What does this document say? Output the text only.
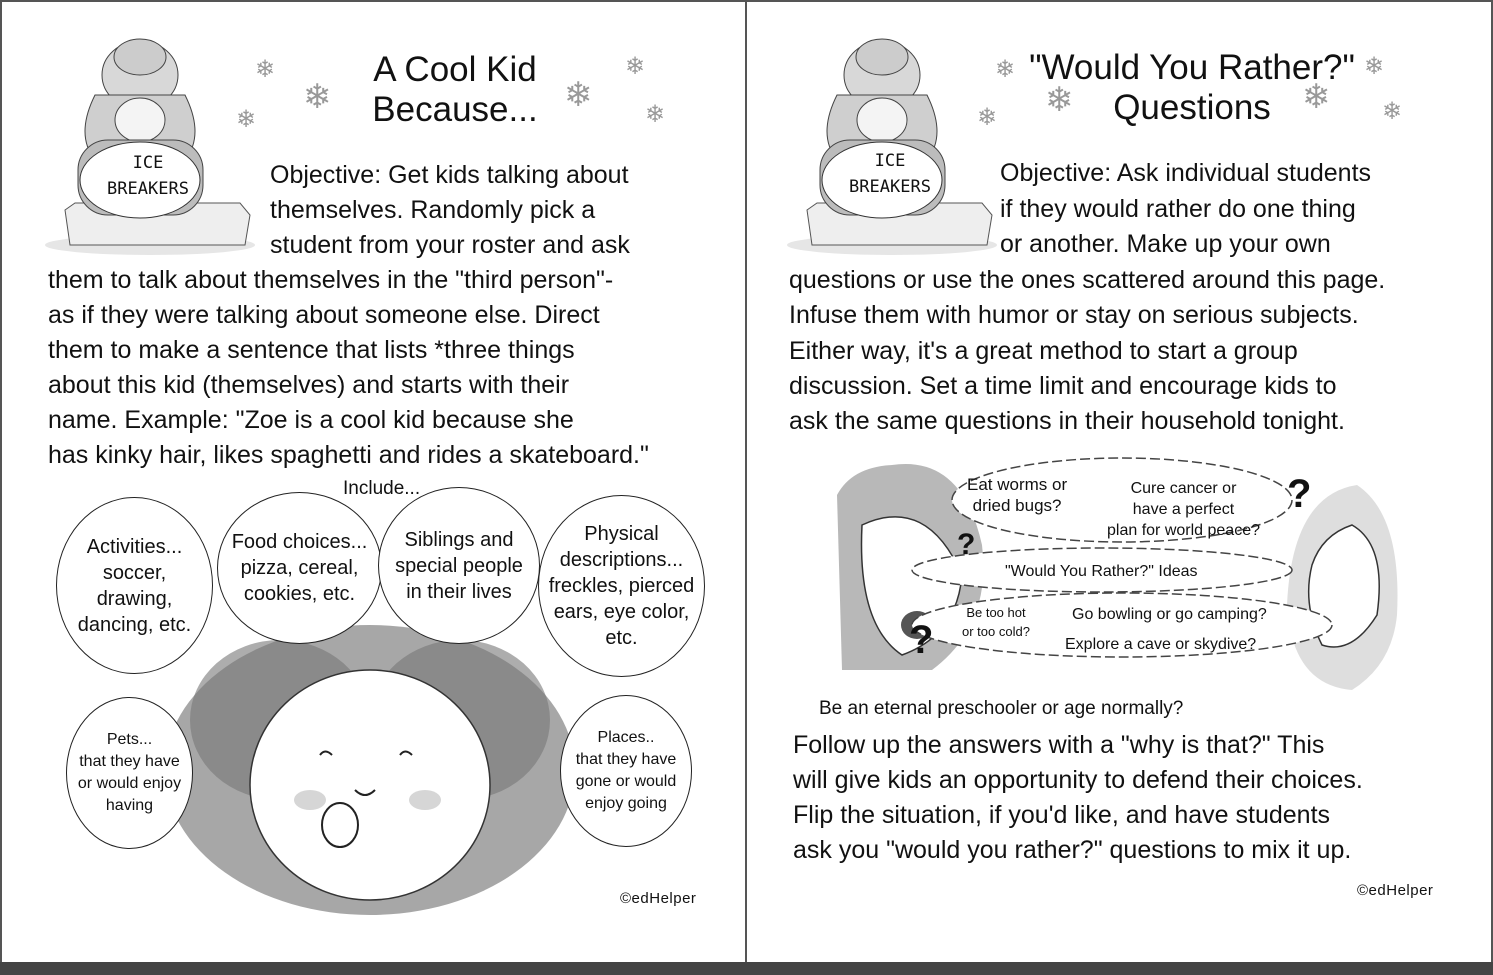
ICE
BREAKERS
❄
❄
❄
❄
❄
❄
A Cool Kid
Because...

Objective: Get kids talking about

themselves. Randomly pick a

student from your roster and ask

them to talk about themselves in the "third person"-

as if they were talking about someone else. Direct

them to make a sentence that lists *three things

about this kid (themselves) and starts with their

name. Example: "Zoe is a cool kid because she

has kinky hair, likes spaghetti and rides a skateboard."

Include...
Activities...
soccer,
drawing,
dancing, etc.
Food choices...
pizza, cereal,
cookies, etc.
Siblings and
special people
in their lives
Physical
descriptions...
freckles, pierced
ears, eye color,
etc.
Pets...
that they have
or would enjoy
having
Places..
that they have
gone or would
enjoy going
©edHelper
ICE
BREAKERS
❄
❄
❄
❄
❄ ❄
"Would You Rather?"
Questions

Objective: Ask individual students

if they would rather do one thing

or another. Make up your own

questions or use the ones scattered around this page.

Infuse them with humor or stay on serious subjects.

Either way, it's a great method to start a group

discussion. Set a time limit and encourage kids to

ask the same questions in their household tonight.

Eat worms or
dried bugs?
Cure cancer or
have a perfect
plan for world peace?
"Would You Rather?" Ideas
Be too hot
or too cold?
Go bowling or go camping?
Explore a cave or skydive?
?
?
?
Be an eternal preschooler or age normally?

Follow up the answers with a "why is that?" This

will give kids an opportunity to defend their choices.

Flip the situation, if you'd like, and have students

ask you "would you rather?" questions to mix it up.

©edHelper
